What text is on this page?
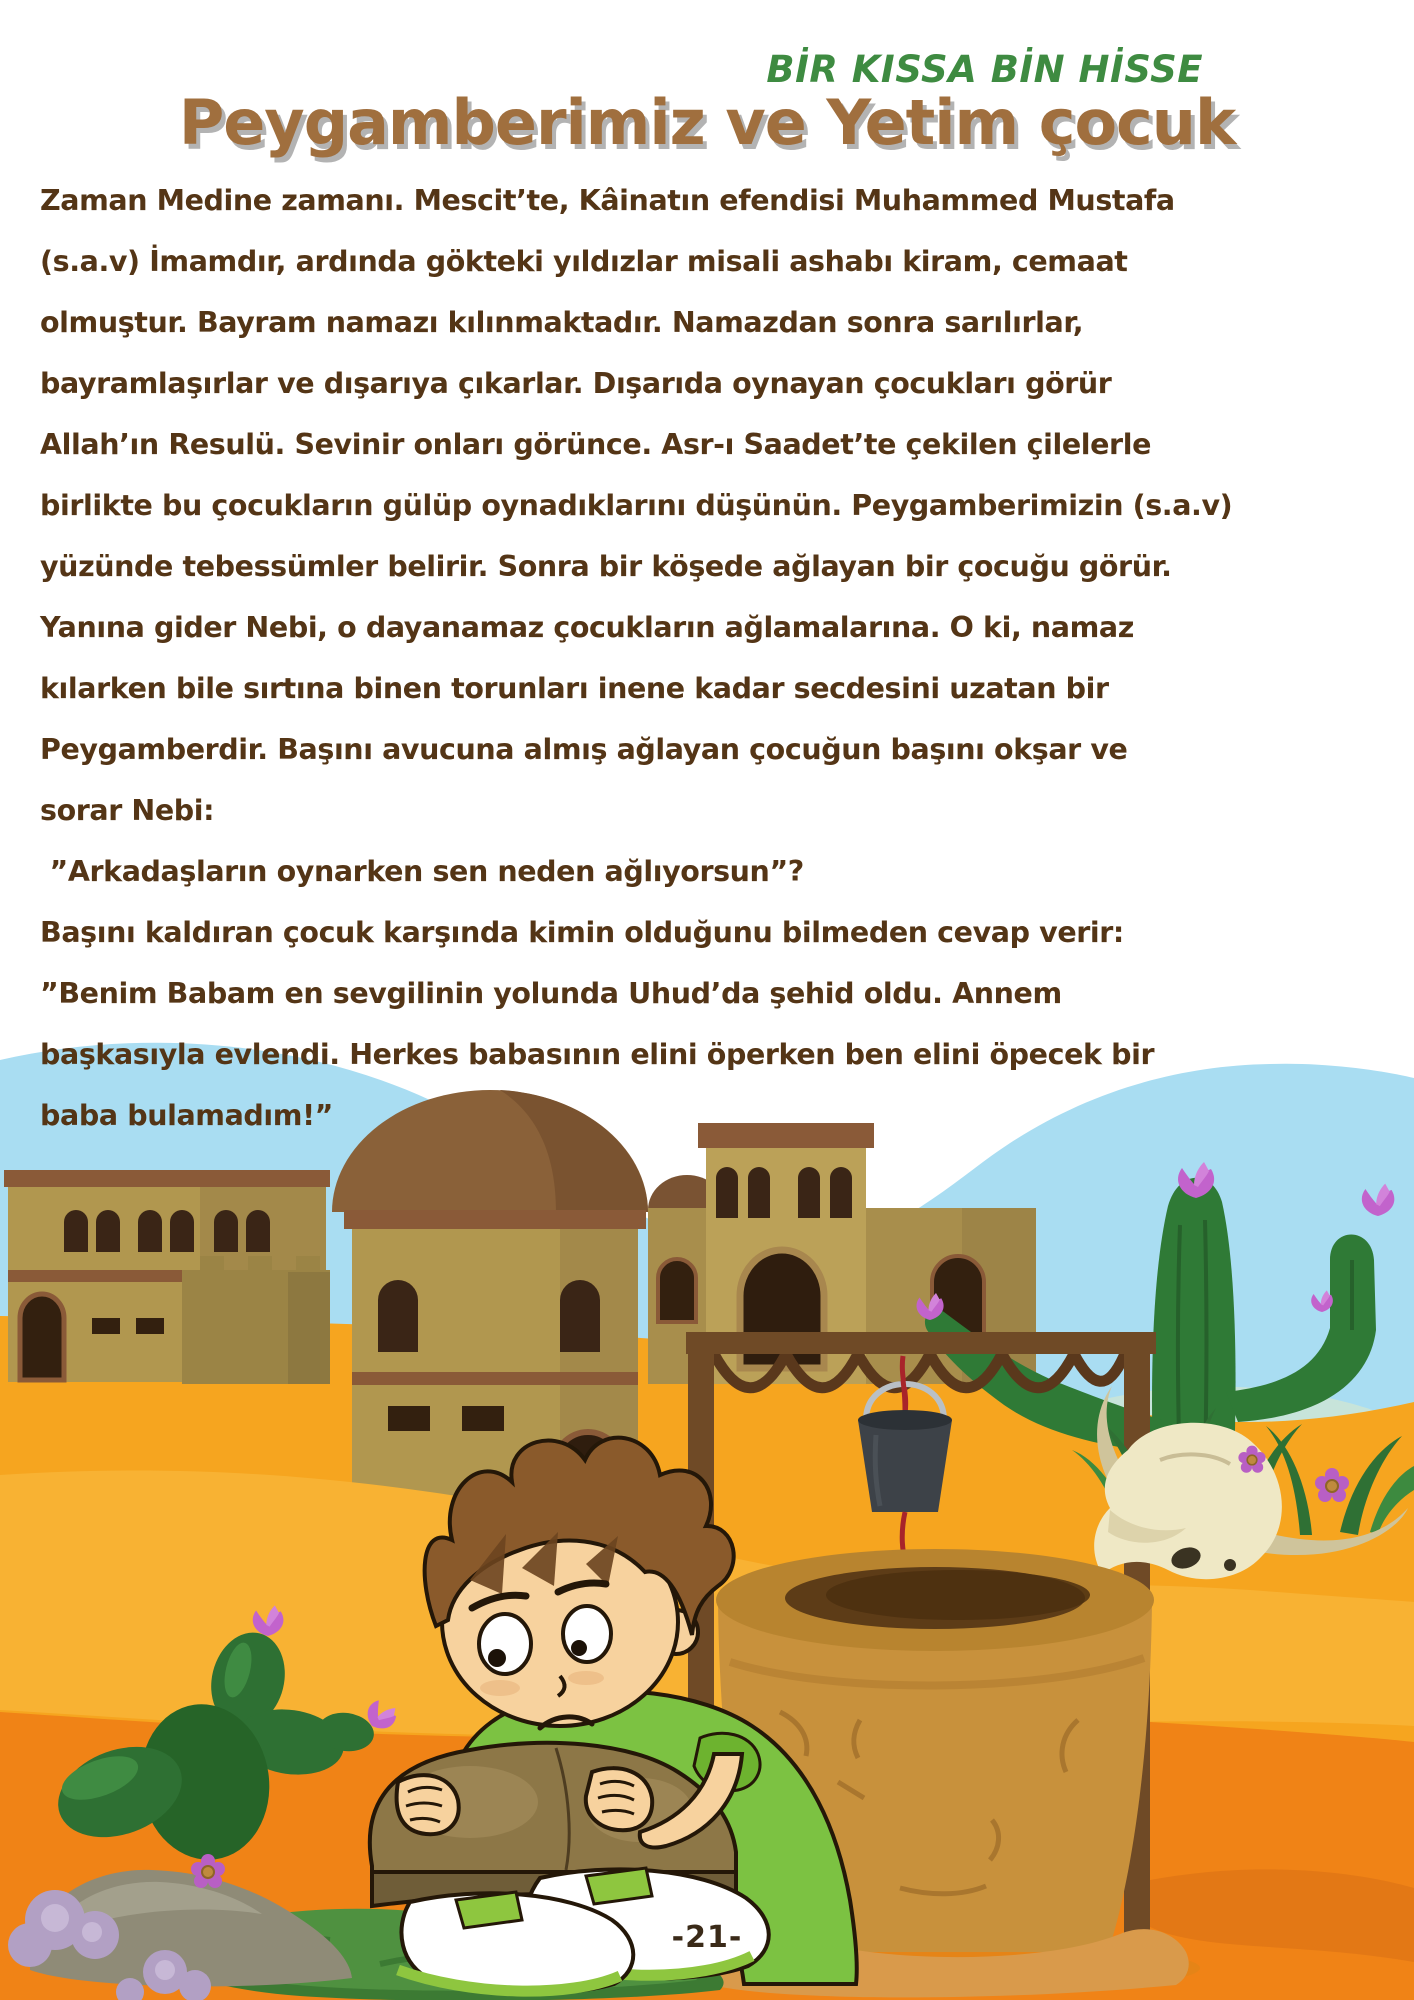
BİR KISSA BİN HİSSE
Peygamberimiz ve Yetim çocuk
Zaman Medine zamanı. Mescit’te, Kâinatın efendisi Muhammed Mustafa
(s.a.v) İmamdır, ardında gökteki yıldızlar misali ashabı kiram, cemaat
olmuştur. Bayram namazı kılınmaktadır. Namazdan sonra sarılırlar,
bayramlaşırlar ve dışarıya çıkarlar. Dışarıda oynayan çocukları görür
Allah’ın Resulü. Sevinir onları görünce. Asr-ı Saadet’te çekilen çilelerle
birlikte bu çocukların gülüp oynadıklarını düşünün. Peygamberimizin (s.a.v)
yüzünde tebessümler belirir. Sonra bir köşede ağlayan bir çocuğu görür.
Yanına gider Nebi, o dayanamaz çocukların ağlamalarına. O ki, namaz
kılarken bile sırtına binen torunları inene kadar secdesini uzatan bir
Peygamberdir. Başını avucuna almış ağlayan çocuğun başını okşar ve
sorar Nebi:
”Arkadaşların oynarken sen neden ağlıyorsun”?
Başını kaldıran çocuk karşında kimin olduğunu bilmeden cevap verir:
”Benim Babam en sevgilinin yolunda Uhud’da şehid oldu. Annem
başkasıyla evlendi. Herkes babasının elini öperken ben elini öpecek bir
baba bulamadım!”
-21-
